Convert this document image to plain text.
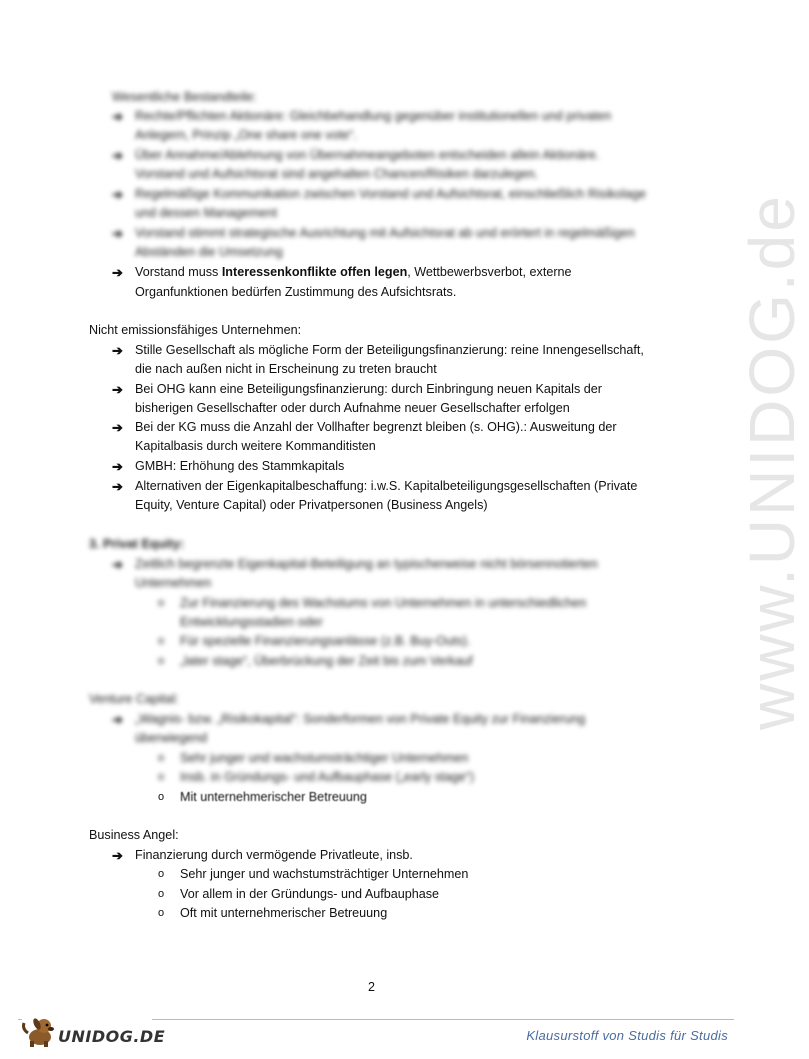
www.UNIDOG.de
Wesentliche Bestandteile:
➔ Rechte/Pflichten Aktionäre: Gleichbehandlung gegenüber institutionellen und privaten
Anlegern, Prinzip „One share one vote“.
➔ Über Annahme/Ablehnung von Übernahmeangeboten entscheiden allein Aktionäre.
Vorstand und Aufsichtsrat sind angehalten Chancen/Risiken darzulegen.
➔ Regelmäßige Kommunikation zwischen Vorstand und Aufsichtsrat, einschließlich Risikolage
und dessen Management
➔ Vorstand stimmt strategische Ausrichtung mit Aufsichtsrat ab und erörtert in regelmäßigen
Abständen die Umsetzung
➔ Vorstand muss Interessenkonflikte offen legen, Wettbewerbsverbot, externe
Organfunktionen bedürfen Zustimmung des Aufsichtsrats.
Nicht emissionsfähiges Unternehmen:
➔ Stille Gesellschaft als mögliche Form der Beteiligungsfinanzierung: reine Innengesellschaft,
die nach außen nicht in Erscheinung zu treten braucht
➔ Bei OHG kann eine Beteiligungsfinanzierung: durch Einbringung neuen Kapitals der
bisherigen Gesellschafter oder durch Aufnahme neuer Gesellschafter erfolgen
➔ Bei der KG muss die Anzahl der Vollhafter begrenzt bleiben (s. OHG).: Ausweitung der
Kapitalbasis durch weitere Kommanditisten
➔ GMBH: Erhöhung des Stammkapitals
➔ Alternativen der Eigenkapitalbeschaffung: i.w.S. Kapitalbeteiligungsgesellschaften (Private
Equity, Venture Capital) oder Privatpersonen (Business Angels)
3. Privat Equity:
➔ Zeitlich begrenzte Eigenkapital-Beteiligung an typischerweise nicht börsennotierten
Unternehmen
o Zur Finanzierung des Wachstums von Unternehmen in unterschiedlichen
Entwicklungsstadien oder
o Für spezielle Finanzierungsanlässe (z.B. Buy-Outs).
o „later stage“, Überbrückung der Zeit bis zum Verkauf
Venture Capital:
➔ „Wagnis- bzw. „Risikokapital“: Sonderformen von Private Equity zur Finanzierung
überwiegend
o Sehr junger und wachstumsträchtiger Unternehmen
o Insb. in Gründungs- und Aufbauphase („early stage“)
o Mit unternehmerischer Betreuung
Business Angel:
➔ Finanzierung durch vermögende Privatleute, insb.
o Sehr junger und wachstumsträchtiger Unternehmen
o Vor allem in der Gründungs- und Aufbauphase
o Oft mit unternehmerischer Betreuung
2
UNIDOG.DE	Klausurstoff von Studis für Studis
